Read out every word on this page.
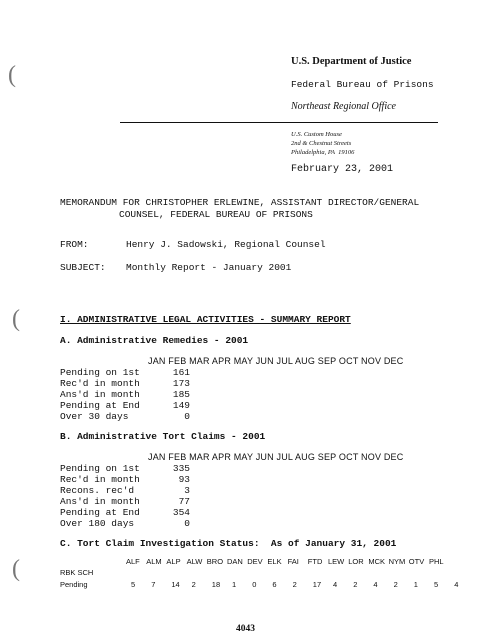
(
(
(
U.S. Department of Justice
Federal Bureau of Prisons
Northeast Regional Office
U.S. Custom House
2nd & Chestnut Streets
Philadelphia, PA  19106
February 23, 2001
MEMORANDUM FOR CHRISTOPHER ERLEWINE, ASSISTANT DIRECTOR/GENERAL
COUNSEL, FEDERAL BUREAU OF PRISONS
FROM:	Henry J. Sadowski, Regional Counsel
SUBJECT: Monthly Report - January 2001
I. ADMINISTRATIVE LEGAL ACTIVITIES - SUMMARY REPORT
A. Administrative Remedies - 2001
JAN FEB MAR APR MAY JUN JUL AUG SEP OCT NOV DEC
Pending on 1st	161
Rec'd in month	173
Ans'd in month	185
Pending at End	149
Over 30 days	0
B. Administrative Tort Claims - 2001
JAN FEB MAR APR MAY JUN JUL AUG SEP OCT NOV DEC
Pending on 1st	335
Rec'd in month	93
Recons. rec'd	3
Ans'd in month	77
Pending at End	354
Over 180 days	0
C. Tort Claim Investigation Status:  As of January 31, 2001
ALF ALM ALP ALW BRO DAN DEV ELK FAI FTD LEW LOR MCK NYM OTV PHL
RBK SCH
Pending	5 7 14 2 18 1 0 6 2 17 4 2 4 2 1 5 4
4043
